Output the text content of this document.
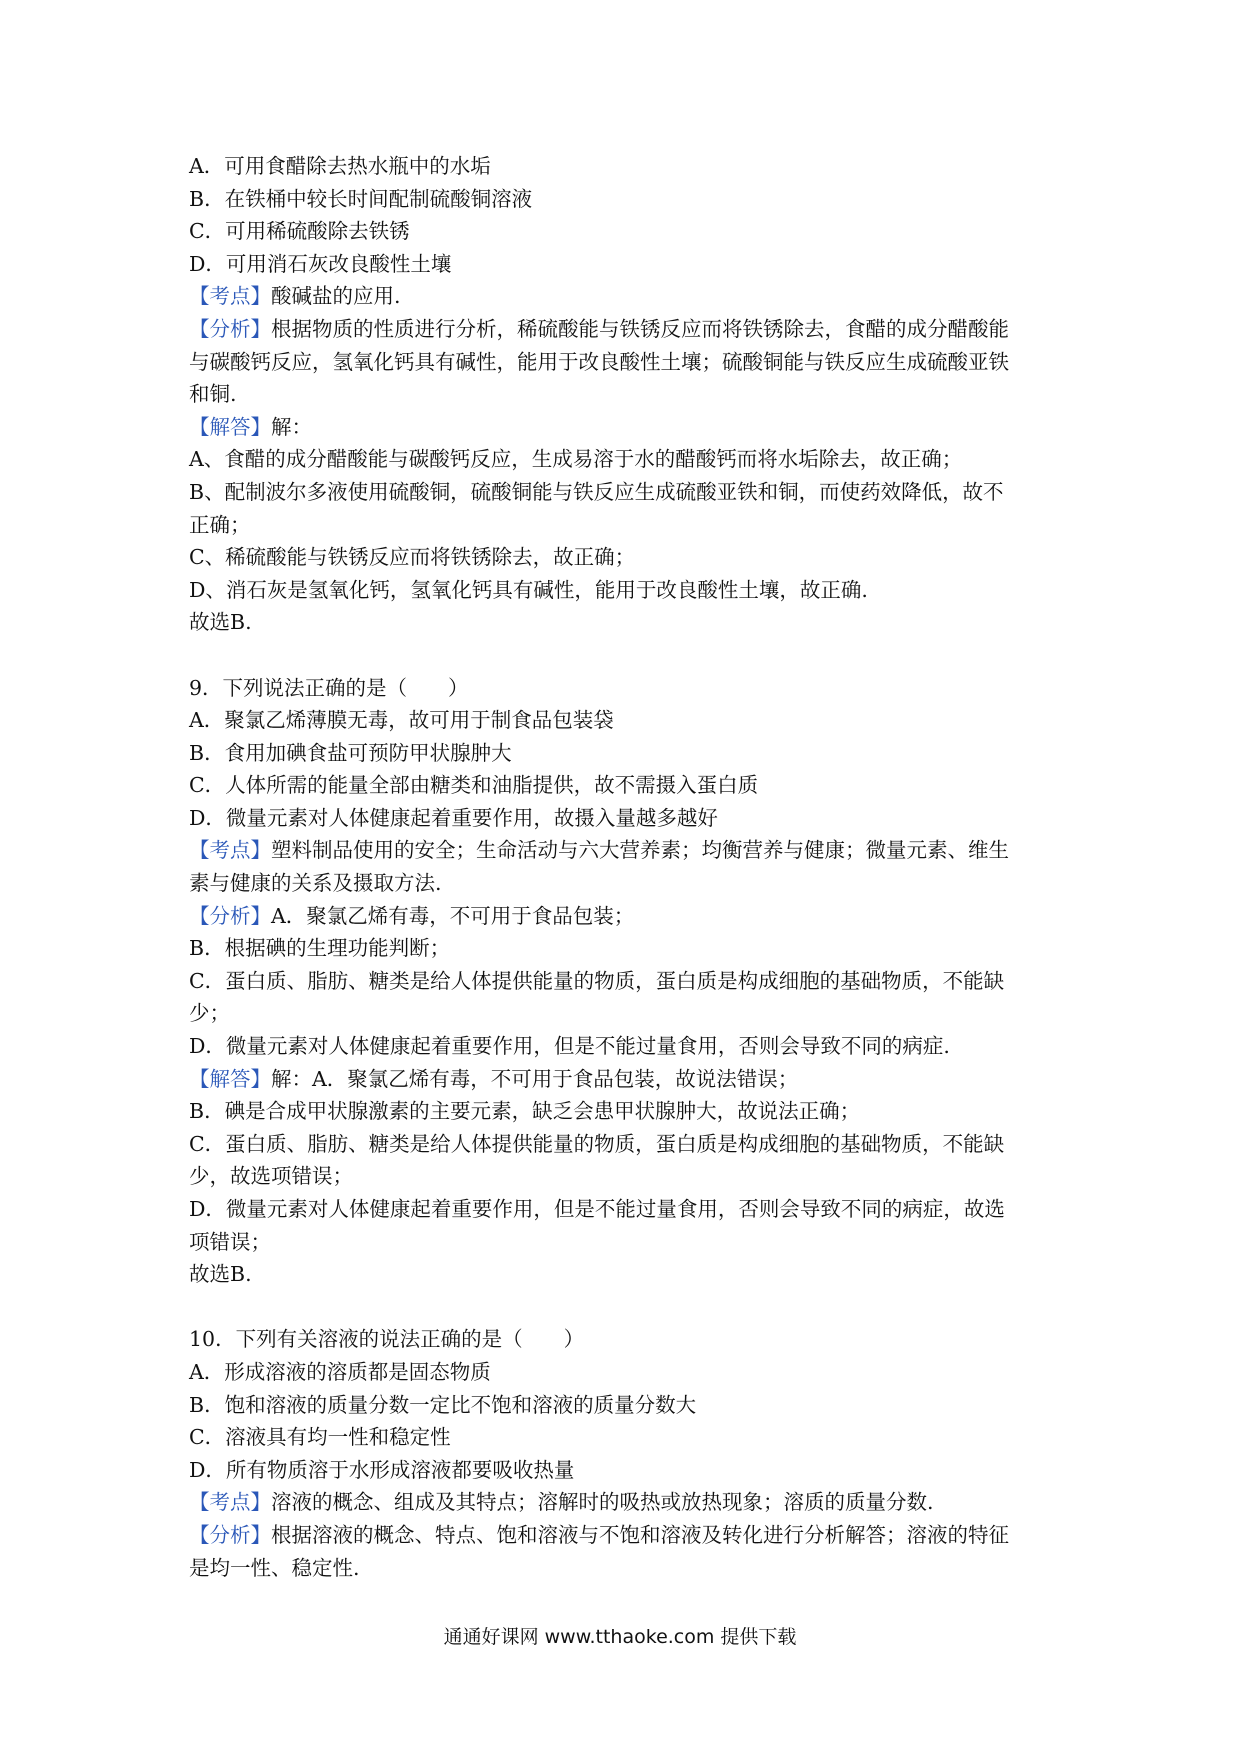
A．可用食醋除去热水瓶中的水垢
B．在铁桶中较长时间配制硫酸铜溶液
C．可用稀硫酸除去铁锈
D．可用消石灰改良酸性土壤
【考点】酸碱盐的应用.
【分析】根据物质的性质进行分析，稀硫酸能与铁锈反应而将铁锈除去，食醋的成分醋酸能
与碳酸钙反应，氢氧化钙具有碱性，能用于改良酸性土壤；硫酸铜能与铁反应生成硫酸亚铁
和铜.
【解答】解：
A、食醋的成分醋酸能与碳酸钙反应，生成易溶于水的醋酸钙而将水垢除去，故正确；
B、配制波尔多液使用硫酸铜，硫酸铜能与铁反应生成硫酸亚铁和铜，而使药效降低，故不
正确；
C、稀硫酸能与铁锈反应而将铁锈除去，故正确；
D、消石灰是氢氧化钙，氢氧化钙具有碱性，能用于改良酸性土壤，故正确.
故选B.
9．下列说法正确的是（　　）
A．聚氯乙烯薄膜无毒，故可用于制食品包装袋
B．食用加碘食盐可预防甲状腺肿大
C．人体所需的能量全部由糖类和油脂提供，故不需摄入蛋白质
D．微量元素对人体健康起着重要作用，故摄入量越多越好
【考点】塑料制品使用的安全；生命活动与六大营养素；均衡营养与健康；微量元素、维生
素与健康的关系及摄取方法.
【分析】A．聚氯乙烯有毒，不可用于食品包装；
B．根据碘的生理功能判断；
C．蛋白质、脂肪、糖类是给人体提供能量的物质，蛋白质是构成细胞的基础物质，不能缺
少；
D．微量元素对人体健康起着重要作用，但是不能过量食用，否则会导致不同的病症.
【解答】解：A．聚氯乙烯有毒，不可用于食品包装，故说法错误；
B．碘是合成甲状腺激素的主要元素，缺乏会患甲状腺肿大，故说法正确；
C．蛋白质、脂肪、糖类是给人体提供能量的物质，蛋白质是构成细胞的基础物质，不能缺
少，故选项错误；
D．微量元素对人体健康起着重要作用，但是不能过量食用，否则会导致不同的病症，故选
项错误；
故选B.
10．下列有关溶液的说法正确的是（　　）
A．形成溶液的溶质都是固态物质
B．饱和溶液的质量分数一定比不饱和溶液的质量分数大
C．溶液具有均一性和稳定性
D．所有物质溶于水形成溶液都要吸收热量
【考点】溶液的概念、组成及其特点；溶解时的吸热或放热现象；溶质的质量分数.
【分析】根据溶液的概念、特点、饱和溶液与不饱和溶液及转化进行分析解答；溶液的特征
是均一性、稳定性.
通通好课网 www.tthaoke.com 提供下载
